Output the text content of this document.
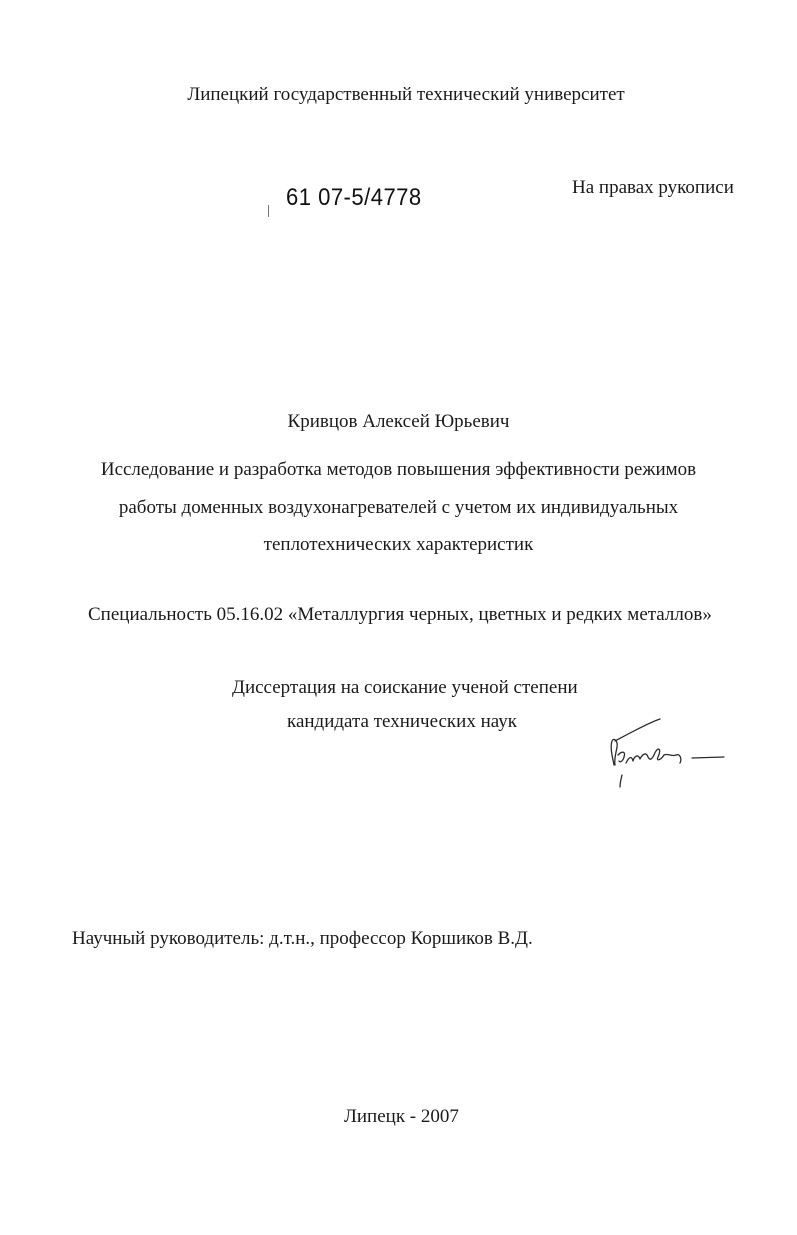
Липецкий государственный технический университет
61 07-5/4778	На правах рукописи
Кривцов Алексей Юрьевич
Исследование и разработка методов повышения эффективности режимов
работы доменных воздухонагревателей с учетом их индивидуальных
теплотехнических характеристик
Специальность 05.16.02 «Металлургия черных, цветных и редких металлов»
Диссертация на соискание ученой степени
кандидата технических наук
Научный руководитель: д.т.н., профессор Коршиков В.Д.
Липецк - 2007
